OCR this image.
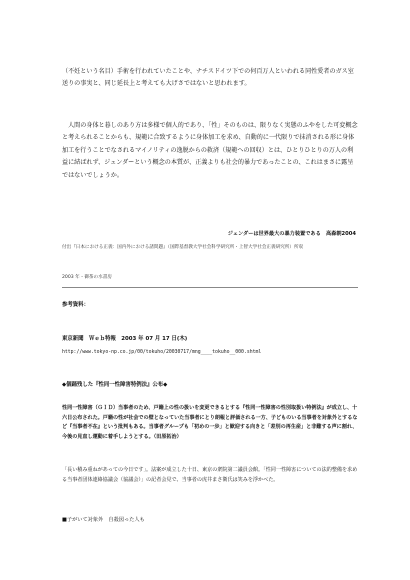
（不妊という名目）手術を行われていたことや、ナチスドイツ下での何百万人といわれる同性愛者のガス室送りの事実と、同じ延長上と考えても大げさではないと思われます。

人間の身体と暮しのあり方は多様で個人的であり、「性」そのものは、限りなく実態のふやをした可変概念と考えられることからも、規範に合致するように身体加工を求め、自動的に一代限りで抹消される形に身体加工を行うことでなされるマイノリティの逸脱からの救済（規範への回収）とは、ひとりひとりの万人の利益に結ばれず、ジェンダーという概念の本質が、正義よりも社会的暴力であったことの、これはまさに露呈ではないでしょうか。

ジェンダーは世界最大の暴力装置である　高森朝2004
付出『日本における正義：国内外における諸問題』（国際基督教大学社会科学研究所・上智大学社会正義研究所）所収
2003 年・御茶の水書房
参考資料：
東京新聞　Ｗｅｂ特報　2003 年 07 月 17 日(木)
http://www.tokyo-np.co.jp/00/tokuho/20030717/mng____tokuho__000.shtml
◆個踊残した『性同一性障害特例法』公布◆
性同一性障害（ＧＩＤ）当事者のため、戸籍上の性の扱いを変更できるとする『性同一性障害の性別取扱い特例法』が成立し、十六日公布された。戸籍の性が社会での壁となっていた当事者にとり朗報と評価される一方、子どものいる当事者を対象外とするなど『当事者不在』という批判もある。当事者グループも「初めの一歩」と歓迎する向きと「差別の再生産」と非難する声に割れ、今後の見直し運動に着手しようとする。（田原拓治）
「長い積み重ねがあっての今日です」。法案が成立した十日、東京の衆院第二議員会館。「性同一性障害についての法的整備を求める当事者団体連絡協議会（協議会）」の記者会見で、当事者の虎井まさ衛氏は笑みを浮かべた。
■子がいて対象外　自殺図った人も
